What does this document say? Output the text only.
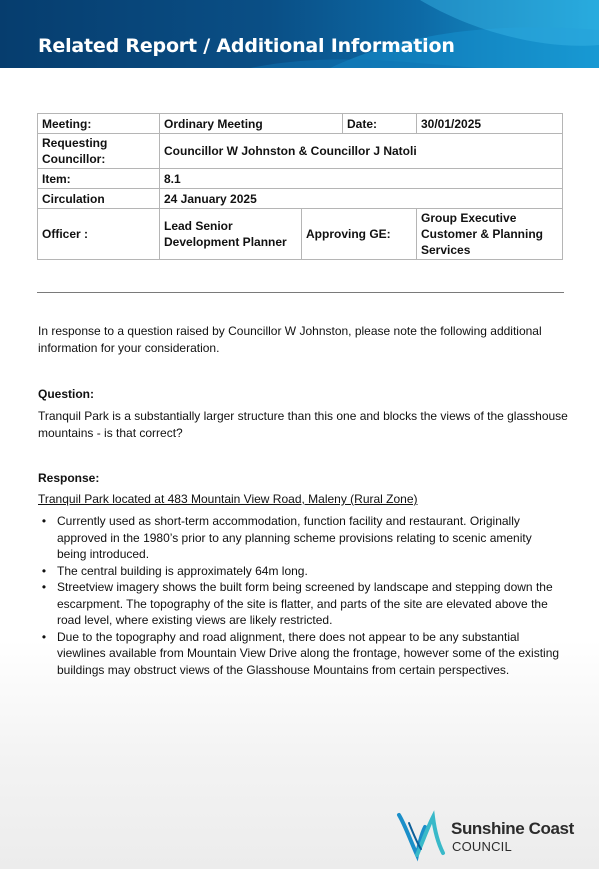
Related Report / Additional Information
Meeting:	Ordinary Meeting		Date:	30/01/2025
Requesting Councillor:	Councillor W Johnston & Councillor J Natoli			
Item:	8.1			
Circulation	24 January 2025			
Officer :	Lead Senior Development Planner	Approving GE:		Group Executive Customer & Planning Services
In response to a question raised by Councillor W Johnston, please note the following additional information for your consideration.
Question:
Tranquil Park is a substantially larger structure than this one and blocks the views of the glasshouse mountains - is that correct?
Response:
Tranquil Park located at 483 Mountain View Road, Maleny (Rural Zone)
• Currently used as short-term accommodation, function facility and restaurant. Originally approved in the 1980’s prior to any planning scheme provisions relating to scenic amenity being introduced.
• The central building is approximately 64m long.
• Streetview imagery shows the built form being screened by landscape and stepping down the escarpment. The topography of the site is flatter, and parts of the site are elevated above the road level, where existing views are likely restricted.
• Due to the topography and road alignment, there does not appear to be any substantial viewlines available from Mountain View Drive along the frontage, however some of the existing buildings may obstruct views of the Glasshouse Mountains from certain perspectives.
Sunshine Coast
COUNCIL
